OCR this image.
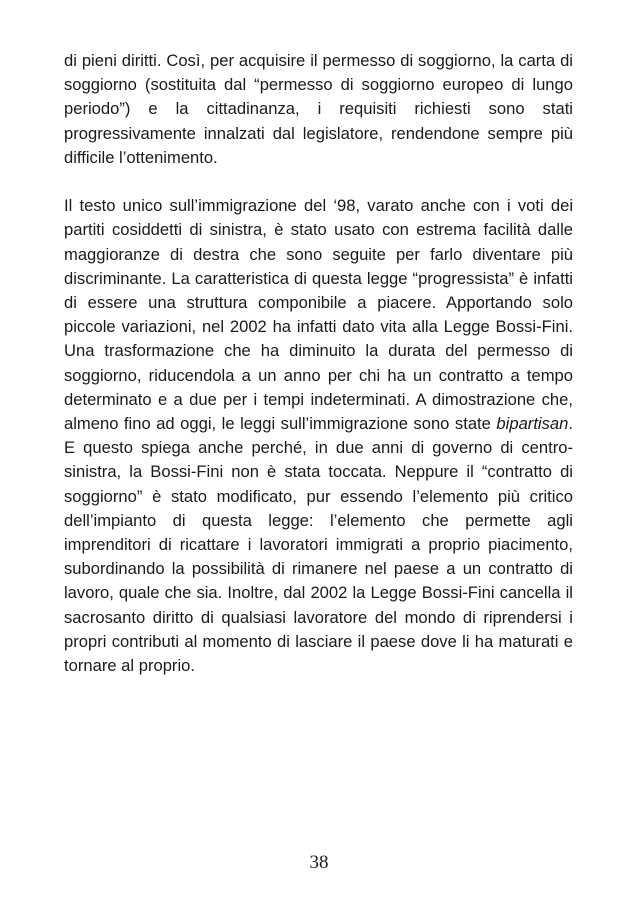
di pieni diritti. Così, per acquisire il permesso di soggiorno, la carta di soggiorno (sostituita dal “permesso di soggiorno europeo di lungo periodo”) e la cittadinanza, i requisiti richiesti sono stati progressivamente innalzati dal legislatore, rendendone sempre più difficile l’ottenimento.

Il testo unico sull’immigrazione del ‘98, varato anche con i voti dei partiti cosiddetti di sinistra, è stato usato con estrema facilità dalle maggioranze di destra che sono seguite per farlo diventare più discriminante. La caratteristica di questa legge “progressista” è infatti di essere una struttura componibile a piacere. Apportando solo piccole variazioni, nel 2002 ha infatti dato vita alla Legge Bossi-Fini. Una trasformazione che ha diminuito la durata del permesso di soggiorno, riducendola a un anno per chi ha un contratto a tempo determinato e a due per i tempi indeterminati. A dimostrazione che, almeno fino ad oggi, le leggi sull’immigrazione sono state bipartisan. E questo spiega anche perché, in due anni di governo di centro-sinistra, la Bossi-Fini non è stata toccata. Neppure il “contratto di soggiorno” è stato modificato, pur essendo l’elemento più critico dell’impianto di questa legge: l’elemento che permette agli imprenditori di ricattare i lavoratori immigrati a proprio piacimento, subordinando la possibilità di rimanere nel paese a un contratto di lavoro, quale che sia. Inoltre, dal 2002 la Legge Bossi-Fini cancella il sacrosanto diritto di qualsiasi lavoratore del mondo di riprendersi i propri contributi al momento di lasciare il paese dove li ha maturati e tornare al proprio.

38
